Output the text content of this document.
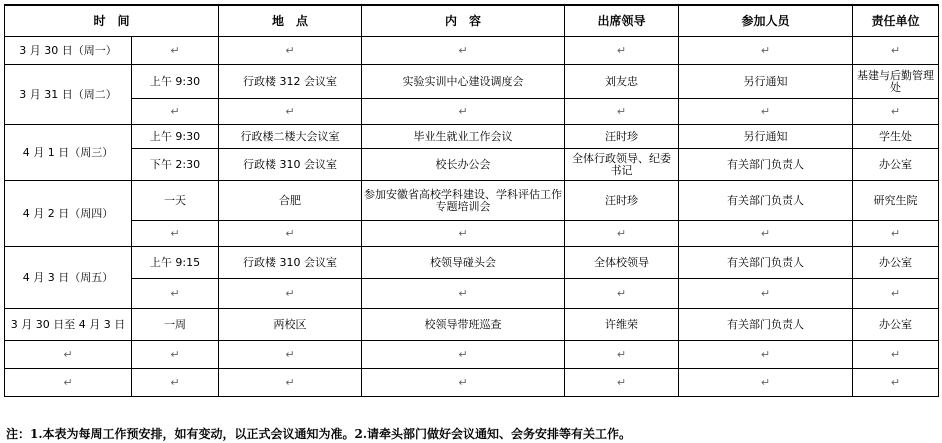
时　间		地　点	内　容	出席领导	参加人员	责任单位
3 月 30 日（周一）	↵	↵	↵	↵	↵	↵
3 月 31 日（周二）	上午 9:30	行政楼 312 会议室	实验实训中心建设调度会	刘友忠	另行通知	基建与后勤管理处
	↵	↵	↵	↵	↵	↵
4 月 1 日（周三）	上午 9:30	行政楼二楼大会议室	毕业生就业工作会议	汪时珍	另行通知	学生处
	下午 2:30	行政楼 310 会议室	校长办公会	全体行政领导、纪委书记	有关部门负责人	办公室
4 月 2 日（周四）	一天	合肥	参加安徽省高校学科建设、学科评估工作专题培训会	汪时珍	有关部门负责人	研究生院
	↵	↵	↵	↵	↵	↵
4 月 3 日（周五）	上午 9:15	行政楼 310 会议室	校领导碰头会	全体校领导	有关部门负责人	办公室
	↵	↵	↵	↵	↵	↵
3 月 30 日至 4 月 3 日	一周	两校区	校领导带班巡查	许维荣	有关部门负责人	办公室
↵	↵	↵	↵	↵	↵	↵
↵	↵	↵	↵	↵	↵	↵
注：1.本表为每周工作预安排，如有变动，以正式会议通知为准。2.请牵头部门做好会议通知、会务安排等有关工作。
